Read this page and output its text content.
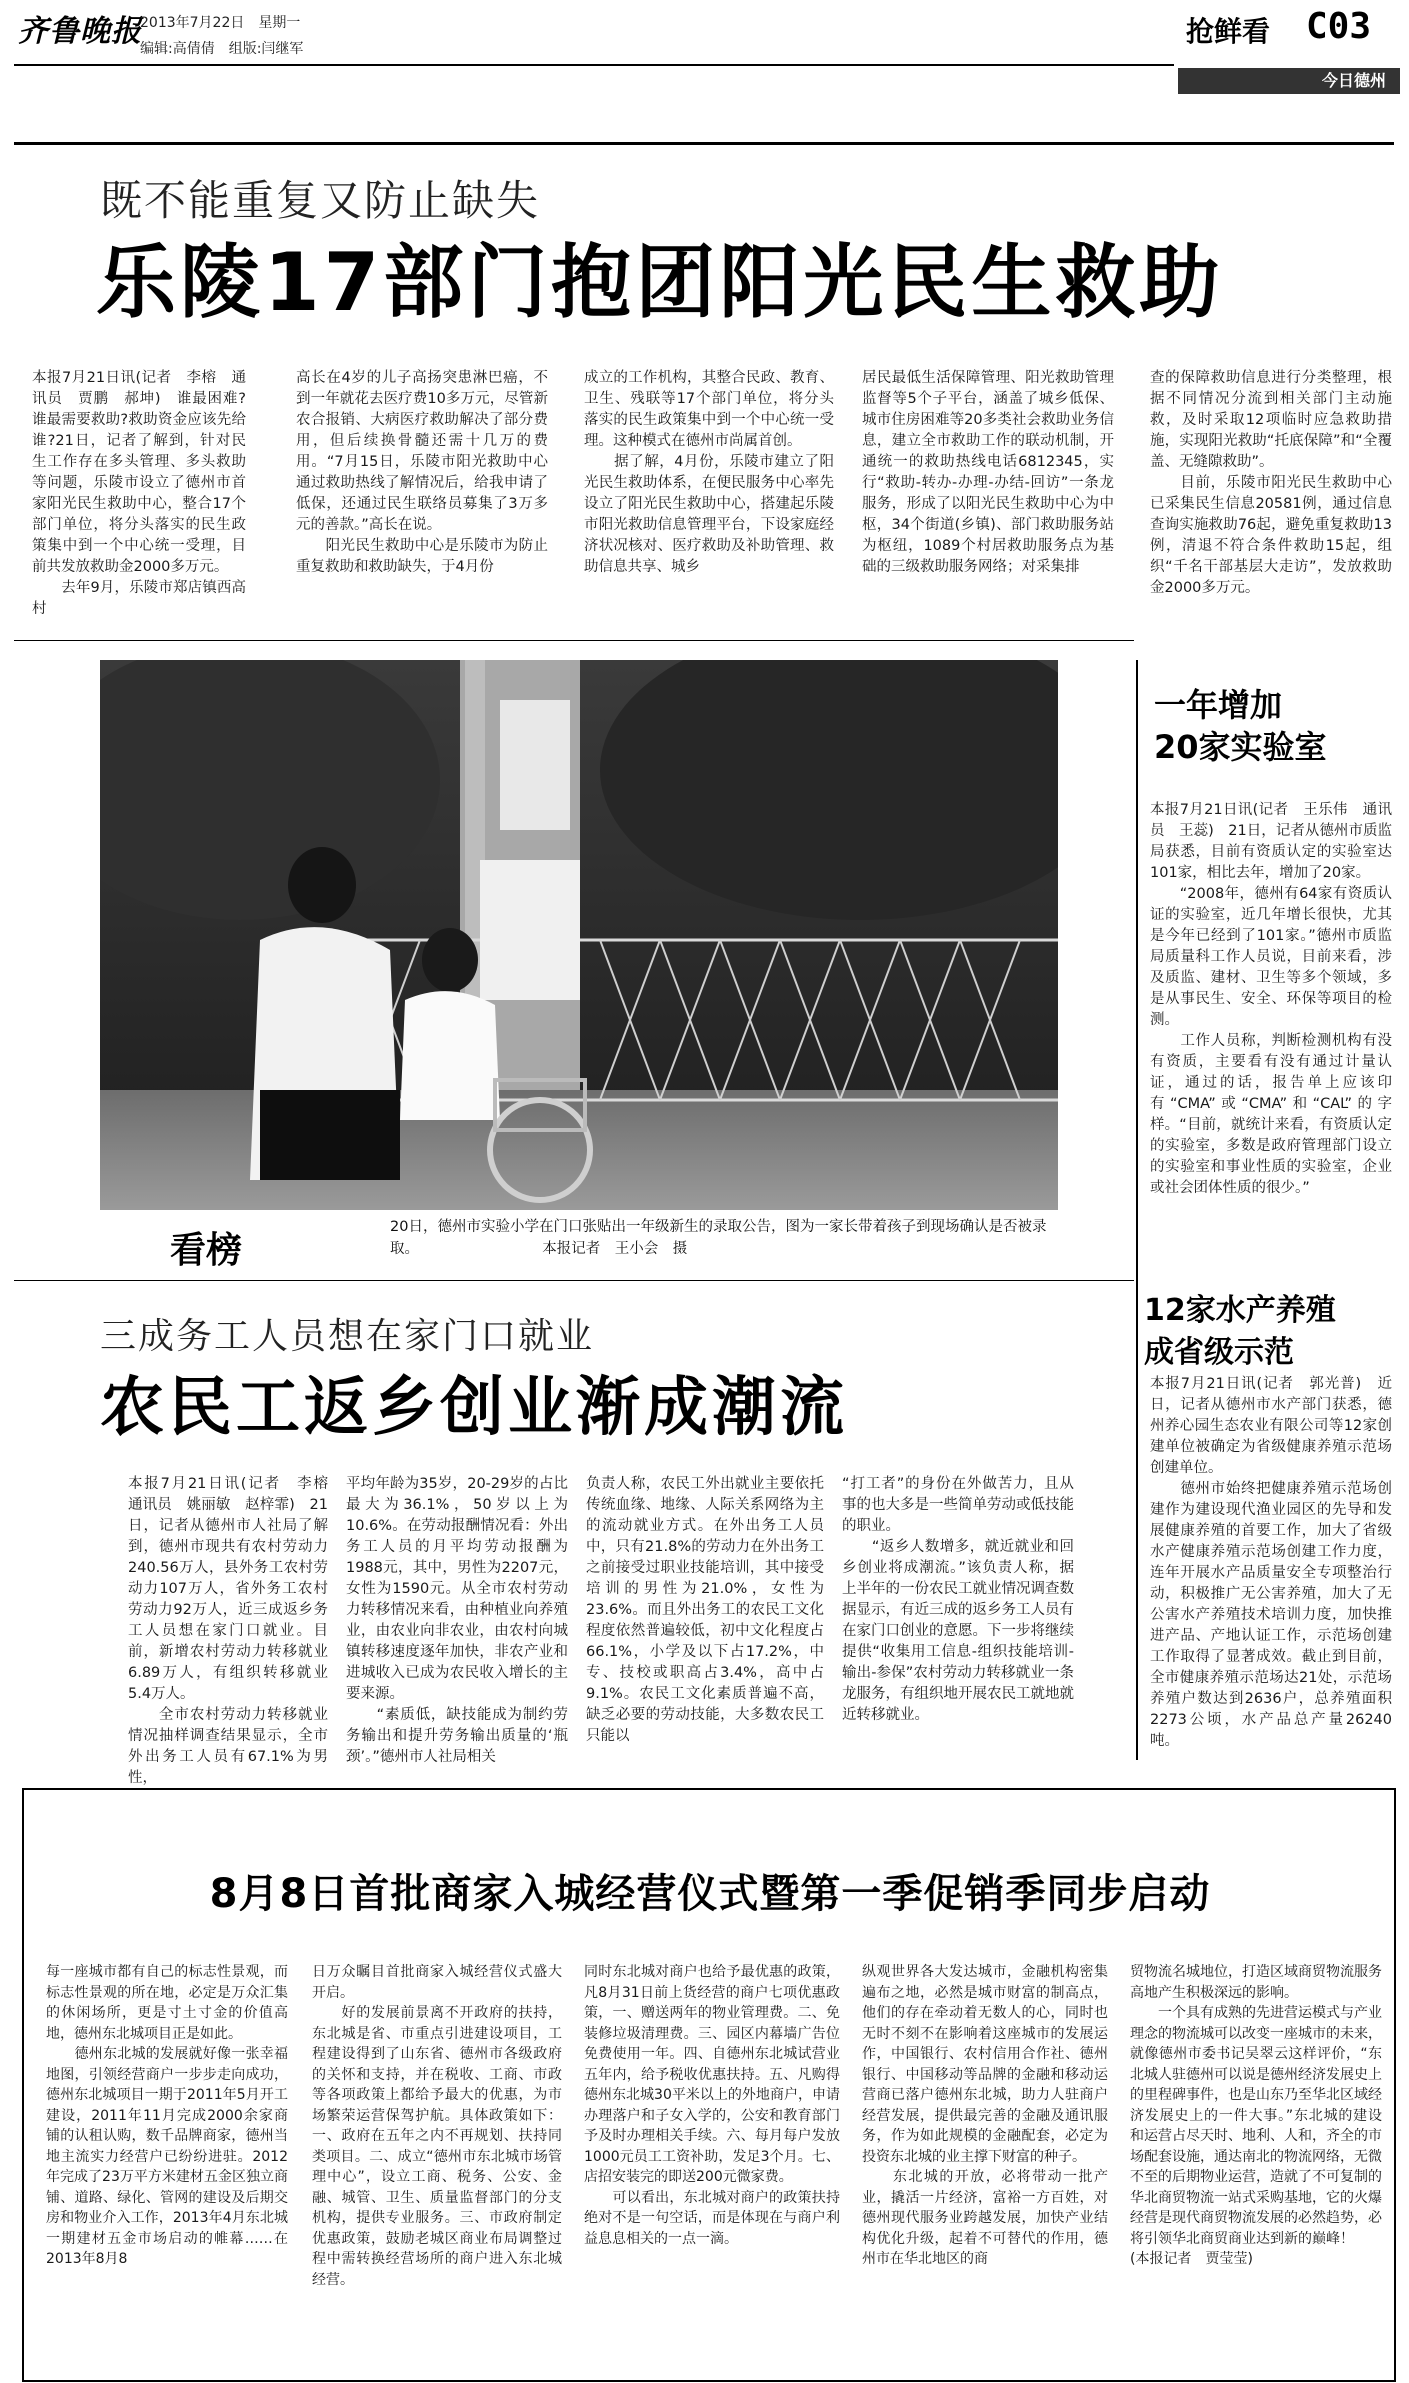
齐鲁晚报
2013年7月22日　星期一
编辑:高倩倩　组版:闫继军
抢鲜看 C03
今日德州
既不能重复又防止缺失
乐陵17部门抱团阳光民生救助
本报7月21日讯(记者　李榕　通讯员　贾鹏　郝坤)　谁最困难?谁最需要救助?救助资金应该先给谁?21日，记者了解到，针对民生工作存在多头管理、多头救助等问题，乐陵市设立了德州市首家阳光民生救助中心，整合17个部门单位，将分头落实的民生政策集中到一个中心统一受理，目前共发放救助金2000多万元。
　　去年9月，乐陵市郑店镇西高村
高长在4岁的儿子高扬突患淋巴癌，不到一年就花去医疗费10多万元，尽管新农合报销、大病医疗救助解决了部分费用，但后续换骨髓还需十几万的费用。“7月15日，乐陵市阳光救助中心通过救助热线了解情况后，给我申请了低保，还通过民生联络员募集了3万多元的善款。”高长在说。
　　阳光民生救助中心是乐陵市为防止重复救助和救助缺失，于4月份
成立的工作机构，其整合民政、教育、卫生、残联等17个部门单位，将分头落实的民生政策集中到一个中心统一受理。这种模式在德州市尚属首创。
　　据了解，4月份，乐陵市建立了阳光民生救助体系，在便民服务中心率先设立了阳光民生救助中心，搭建起乐陵市阳光救助信息管理平台，下设家庭经济状况核对、医疗救助及补助管理、救助信息共享、城乡
居民最低生活保障管理、阳光救助管理监督等5个子平台，涵盖了城乡低保、城市住房困难等20多类社会救助业务信息，建立全市救助工作的联动机制，开通统一的救助热线电话6812345，实行“救助-转办-办理-办结-回访”一条龙服务，形成了以阳光民生救助中心为中枢，34个街道(乡镇)、部门救助服务站为枢纽，1089个村居救助服务点为基础的三级救助服务网络；对采集排
查的保障救助信息进行分类整理，根据不同情况分流到相关部门主动施救，及时采取12项临时应急救助措施，实现阳光救助“托底保障”和“全覆盖、无缝隙救助”。
　　目前，乐陵市阳光民生救助中心已采集民生信息20581例，通过信息查询实施救助76起，避免重复救助13例，清退不符合条件救助15起，组织“千名干部基层大走访”，发放救助金2000多万元。
看榜
20日，德州市实验小学在门口张贴出一年级新生的录取公告，图为一家长带着孩子到现场确认是否被录取。　　　　　　　　　本报记者　王小会　摄
一年增加
20家实验室
本报7月21日讯(记者　王乐伟　通讯员　王蕊)　21日，记者从德州市质监局获悉，目前有资质认定的实验室达101家，相比去年，增加了20家。
　　“2008年，德州有64家有资质认证的实验室，近几年增长很快，尤其是今年已经到了101家。”德州市质监局质量科工作人员说，目前来看，涉及质监、建材、卫生等多个领域，多是从事民生、安全、环保等项目的检测。
　　工作人员称，判断检测机构有没有资质，主要看有没有通过计量认证，通过的话，报告单上应该印有“CMA”或“CMA”和“CAL”的字样。“目前，就统计来看，有资质认定的实验室，多数是政府管理部门设立的实验室和事业性质的实验室，企业或社会团体性质的很少。”
三成务工人员想在家门口就业
农民工返乡创业渐成潮流
本报7月21日讯(记者　李榕　通讯员　姚丽敏　赵梓霏)　21日，记者从德州市人社局了解到，德州市现共有农村劳动力240.56万人，县外务工农村劳动力107万人，省外务工农村劳动力92万人，近三成返乡务工人员想在家门口就业。目前，新增农村劳动力转移就业6.89万人，有组织转移就业5.4万人。
　　全市农村劳动力转移就业情况抽样调查结果显示，全市外出务工人员有67.1%为男性，
平均年龄为35岁，20-29岁的占比最大为36.1%，50岁以上为10.6%。在劳动报酬情况看：外出务工人员的月平均劳动报酬为1988元，其中，男性为2207元，女性为1590元。从全市农村劳动力转移情况来看，由种植业向养殖业，由农业向非农业，由农村向城镇转移速度逐年加快，非农产业和进城收入已成为农民收入增长的主要来源。
　　“素质低，缺技能成为制约劳务输出和提升劳务输出质量的‘瓶颈’。”德州市人社局相关
负责人称，农民工外出就业主要依托传统血缘、地缘、人际关系网络为主的流动就业方式。在外出务工人员中，只有21.8%的劳动力在外出务工之前接受过职业技能培训，其中接受培训的男性为21.0%，女性为23.6%。而且外出务工的农民工文化程度依然普遍较低，初中文化程度占66.1%，小学及以下占17.2%，中专、技校或职高占3.4%，高中占9.1%。农民工文化素质普遍不高，缺乏必要的劳动技能，大多数农民工只能以
“打工者”的身份在外做苦力，且从事的也大多是一些简单劳动或低技能的职业。
　　“返乡人数增多，就近就业和回乡创业将成潮流。”该负责人称，据上半年的一份农民工就业情况调查数据显示，有近三成的返乡务工人员有在家门口创业的意愿。下一步将继续提供“收集用工信息-组织技能培训-输出-参保”农村劳动力转移就业一条龙服务，有组织地开展农民工就地就近转移就业。
12家水产养殖
成省级示范
本报7月21日讯(记者　郭光普)　近日，记者从德州市水产部门获悉，德州养心园生态农业有限公司等12家创建单位被确定为省级健康养殖示范场创建单位。
　　德州市始终把健康养殖示范场创建作为建设现代渔业园区的先导和发展健康养殖的首要工作，加大了省级水产健康养殖示范场创建工作力度，连年开展水产品质量安全专项整治行动，积极推广无公害养殖，加大了无公害水产养殖技术培训力度，加快推进产品、产地认证工作，示范场创建工作取得了显著成效。截止到目前，全市健康养殖示范场达21处，示范场养殖户数达到2636户，总养殖面积2273公顷，水产品总产量26240吨。
8月8日首批商家入城经营仪式暨第一季促销季同步启动
每一座城市都有自己的标志性景观，而标志性景观的所在地，必定是万众汇集的休闲场所，更是寸土寸金的价值高地，德州东北城项目正是如此。
　　德州东北城的发展就好像一张幸福地图，引领经营商户一步步走向成功，德州东北城项目一期于2011年5月开工建设，2011年11月完成2000余家商铺的认租认购，数千品牌商家，德州当地主流实力经营户已纷纷进驻。2012年完成了23万平方米建材五金区独立商铺、道路、绿化、管网的建设及后期交房和物业介入工作，2013年4月东北城一期建材五金市场启动的帷幕……在2013年8月8
日万众瞩目首批商家入城经营仪式盛大开启。
　　好的发展前景离不开政府的扶持，东北城是省、市重点引进建设项目，工程建设得到了山东省、德州市各级政府的关怀和支持，并在税收、工商、市政等各项政策上都给予最大的优惠，为市场繁荣运营保驾护航。具体政策如下：一、政府在五年之内不再规划、扶持同类项目。二、成立“德州市东北城市场管理中心”，设立工商、税务、公安、金融、城管、卫生、质量监督部门的分支机构，提供专业服务。三、市政府制定优惠政策，鼓励老城区商业布局调整过程中需转换经营场所的商户进入东北城经营。
同时东北城对商户也给予最优惠的政策，凡8月31日前上货经营的商户七项优惠政策，一、赠送两年的物业管理费。二、免装修垃圾清理费。三、园区内幕墙广告位免费使用一年。四、自德州东北城试营业五年内，给予税收优惠扶持。五、凡购得德州东北城30平米以上的外地商户，申请办理落户和子女入学的，公安和教育部门予及时办理相关手续。六、每月每户发放1000元员工工资补助，发足3个月。七、店招安装完的即送200元微家费。
　　可以看出，东北城对商户的政策扶持绝对不是一句空话，而是体现在与商户利益息息相关的一点一滴。
纵观世界各大发达城市，金融机构密集遍布之地，必然是城市财富的制高点，他们的存在牵动着无数人的心，同时也无时不刻不在影响着这座城市的发展运作，中国银行、农村信用合作社、德州银行、中国移动等品牌的金融和移动运营商已落户德州东北城，助力人驻商户经营发展，提供最完善的金融及通讯服务，作为如此规模的金融配套，必定为投资东北城的业主撑下财富的种子。
　　东北城的开放，必将带动一批产业，撬活一片经济，富裕一方百姓，对德州现代服务业跨越发展，加快产业结构优化升级，起着不可替代的作用，德州市在华北地区的商
贸物流名城地位，打造区域商贸物流服务高地产生积极深远的影响。
　　一个具有成熟的先进营运模式与产业理念的物流城可以改变一座城市的未来，就像德州市委书记吴翠云这样评价，“东北城人驻德州可以说是德州经济发展史上的里程碑事件，也是山东乃至华北区域经济发展史上的一件大事。”东北城的建设和运营占尽天时、地利、人和，齐全的市场配套设施，通达南北的物流网络，无微不至的后期物业运营，造就了不可复制的华北商贸物流一站式采购基地，它的火爆经营是现代商贸物流发展的必然趋势，必将引领华北商贸商业达到新的巅峰！
(本报记者　贾莹莹)
